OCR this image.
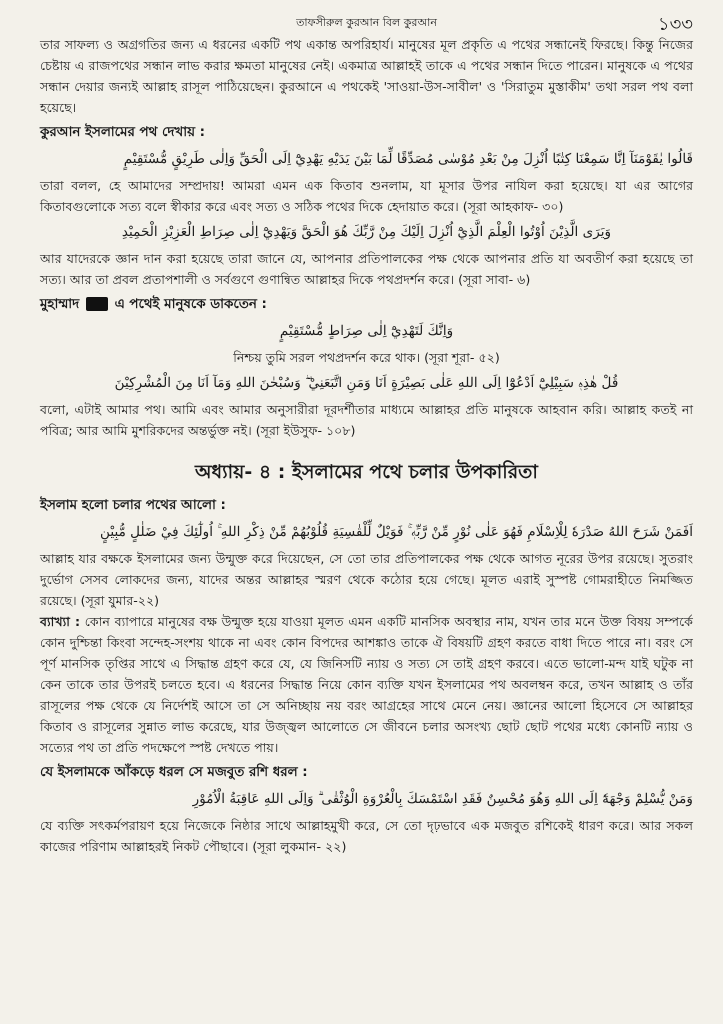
তাফসীরুল কুরআন বিল কুরআন	১৩৩

তার সাফল্য ও অগ্রগতির জন্য এ ধরনের একটি পথ একান্ত অপরিহার্য। মানুষের মূল প্রকৃতি এ পথের সন্ধানেই ফিরছে। কিন্তু নিজের চেষ্টায় এ রাজপথের সন্ধান লাভ করার ক্ষমতা মানুষের নেই। একমাত্র আল্লাহই তাকে এ পথের সন্ধান দিতে পারেন। মানুষকে এ পথের সন্ধান দেয়ার জন্যই আল্লাহ রাসূল পাঠিয়েছেন। কুরআনে এ পথকেই 'সাওয়া-উস-সাবীল' ও 'সিরাতুম মুস্তাকীম' তথা সরল পথ বলা হয়েছে।

কুরআন ইসলামের পথ দেখায় :
قَالُوا يٰقَوْمَنَآ اِنَّا سَمِعْنَا كِتٰبًا اُنْزِلَ مِنْ بَعْدِ مُوْسٰى مُصَدِّقًا لِّمَا بَيْنَ يَدَيْهِ يَهْدِيْٓ اِلَى الْحَقِّ وَاِلٰى طَرِيْقٍ مُّسْتَقِيْمٍ

তারা বলল, হে আমাদের সম্প্রদায়! আমরা এমন এক কিতাব শুনলাম, যা মূসার উপর নাযিল করা হয়েছে। যা এর আগের কিতাবগুলোকে সত্য বলে স্বীকার করে এবং সত্য ও সঠিক পথের দিকে হেদায়াত করে। (সূরা আহকাফ- ৩০)

وَيَرَى الَّذِيْنَ اُوْتُوا الْعِلْمَ الَّذِيْٓ اُنْزِلَ اِلَيْكَ مِنْ رَّبِّكَ هُوَ الْحَقَّ وَيَهْدِيْٓ اِلٰى صِرَاطِ الْعَزِيْزِ الْحَمِيْدِ

আর যাদেরকে জ্ঞান দান করা হয়েছে তারা জানে যে, আপনার প্রতিপালকের পক্ষ থেকে আপনার প্রতি যা অবতীর্ণ করা হয়েছে তা সত্য। আর তা প্রবল প্রতাপশালী ও সর্বগুণে গুণান্বিত আল্লাহর দিকে পথপ্রদর্শন করে। (সূরা সাবা- ৬)

মুহাম্মাদ	এ পথেই মানুষকে ডাকতেন :
وَاِنَّكَ لَتَهْدِيْٓ اِلٰى صِرَاطٍ مُّسْتَقِيْمٍ

নিশ্চয় তুমি সরল পথপ্রদর্শন করে থাক। (সূরা শূরা- ৫২)

قُلْ هٰذِهٖ سَبِيْلِيْٓ اَدْعُوْٓا اِلَى اللهِ عَلٰى بَصِيْرَةٍ اَنَا وَمَنِ اتَّبَعَنِيْ ۖ وَسُبْحٰنَ اللهِ وَمَآ اَنَا مِنَ الْمُشْرِكِيْنَ

বলো, এটাই আমার পথ। আমি এবং আমার অনুসারীরা দূরদর্শীতার মাধ্যমে আল্লাহর প্রতি মানুষকে আহবান করি। আল্লাহ কতই না পবিত্র; আর আমি মুশরিকদের অন্তর্ভুক্ত নই। (সূরা ইউসুফ- ১০৮)

অধ্যায়- ৪ : ইসলামের পথে চলার উপকারিতা
ইসলাম হলো চলার পথের আলো :
اَفَمَنْ شَرَحَ اللهُ صَدْرَهٗ لِلْاِسْلَامِ فَهُوَ عَلٰى نُوْرٍ مِّنْ رَّبِّهٖ ۚ فَوَيْلٌ لِّلْقٰسِيَةِ قُلُوْبُهُمْ مِّنْ ذِكْرِ اللهِ ۚ اُولٰٓئِكَ فِيْ ضَلٰلٍ مُّبِيْنٍ

আল্লাহ যার বক্ষকে ইসলামের জন্য উন্মুক্ত করে দিয়েছেন, সে তো তার প্রতিপালকের পক্ষ থেকে আগত নূরের উপর রয়েছে। সুতরাং দুর্ভোগ সেসব লোকদের জন্য, যাদের অন্তর আল্লাহর স্মরণ থেকে কঠোর হয়ে গেছে। মূলত এরাই সুস্পষ্ট গোমরাহীতে নিমজ্জিত রয়েছে। (সূরা যুমার-২২)

ব্যাখ্যা : কোন ব্যাপারে মানুষের বক্ষ উন্মুক্ত হয়ে যাওয়া মূলত এমন একটি মানসিক অবস্থার নাম, যখন তার মনে উক্ত বিষয় সম্পর্কে কোন দুশ্চিন্তা কিংবা সন্দেহ-সংশয় থাকে না এবং কোন বিপদের আশঙ্কাও তাকে ঐ বিষয়টি গ্রহণ করতে বাধা দিতে পারে না। বরং সে পূর্ণ মানসিক তৃপ্তির সাথে এ সিদ্ধান্ত গ্রহণ করে যে, যে জিনিসটি ন্যায় ও সত্য সে তাই গ্রহণ করবে। এতে ভালো-মন্দ যাই ঘটুক না কেন তাকে তার উপরই চলতে হবে। এ ধরনের সিদ্ধান্ত নিয়ে কোন ব্যক্তি যখন ইসলামের পথ অবলম্বন করে, তখন আল্লাহ ও তাঁর রাসূলের পক্ষ থেকে যে নির্দেশই আসে তা সে অনিচ্ছায় নয় বরং আগ্রহের সাথে মেনে নেয়। জ্ঞানের আলো হিসেবে সে আল্লাহর কিতাব ও রাসূলের সুন্নাত লাভ করেছে, যার উজ্জ্বল আলোতে সে জীবনে চলার অসংখ্য ছোট ছোট পথের মধ্যে কোনটি ন্যায় ও সত্যের পথ তা প্রতি পদক্ষেপে স্পষ্ট দেখতে পায়।

যে ইসলামকে আঁকড়ে ধরল সে মজবুত রশি ধরল :
وَمَنْ يُّسْلِمْ وَجْهَهٗٓ اِلَى اللهِ وَهُوَ مُحْسِنٌ فَقَدِ اسْتَمْسَكَ بِالْعُرْوَةِ الْوُثْقٰى ۗ وَاِلَى اللهِ عَاقِبَةُ الْاُمُوْرِ

যে ব্যক্তি সৎকর্মপরায়ণ হয়ে নিজেকে নিষ্ঠার সাথে আল্লাহমুখী করে, সে তো দৃঢ়ভাবে এক মজবুত রশিকেই ধারণ করে। আর সকল কাজের পরিণাম আল্লাহরই নিকট পৌছাবে। (সূরা লুকমান- ২২)
